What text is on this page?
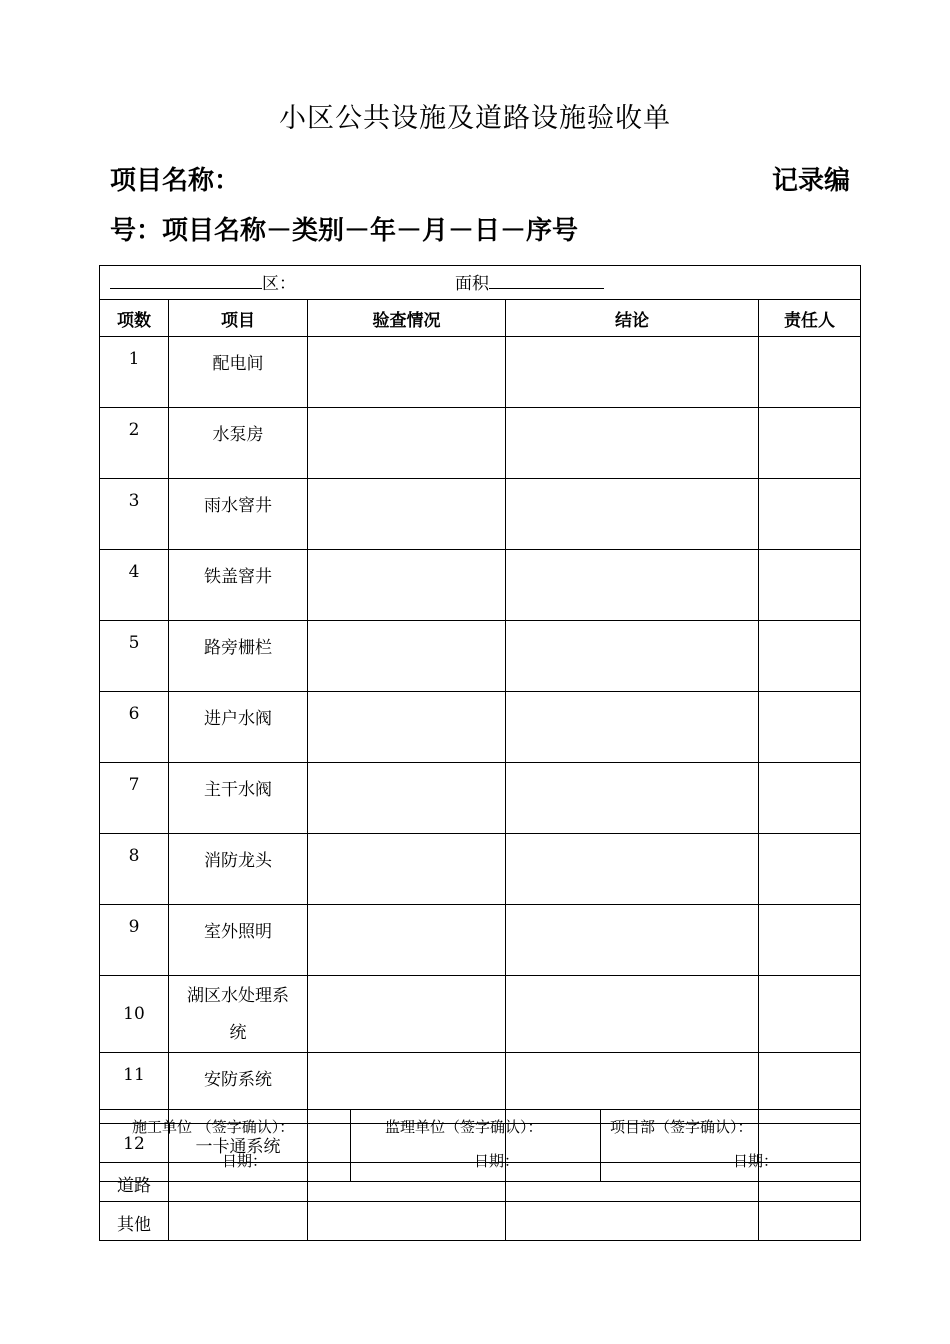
小区公共设施及道路设施验收单
项目名称：	记录编
号：项目名称－类别－年－月－日－序号
区： 面积				

项数	项目	验查情况	结论	责任人
1	配电间			
2	水泵房			
3	雨水窨井			
4	铁盖窨井			
5	路旁栅栏			
6	进户水阀			
7	主干水阀			
8	消防龙头			
9	室外照明			
10	湖区水处理系
统			
11	安防系统			
12	一卡通系统			
道路				
其他				
施工单位 （签字确认）：
日期：

监理单位（签字确认）：
日期：

项目部（签字确认）：
日期：
